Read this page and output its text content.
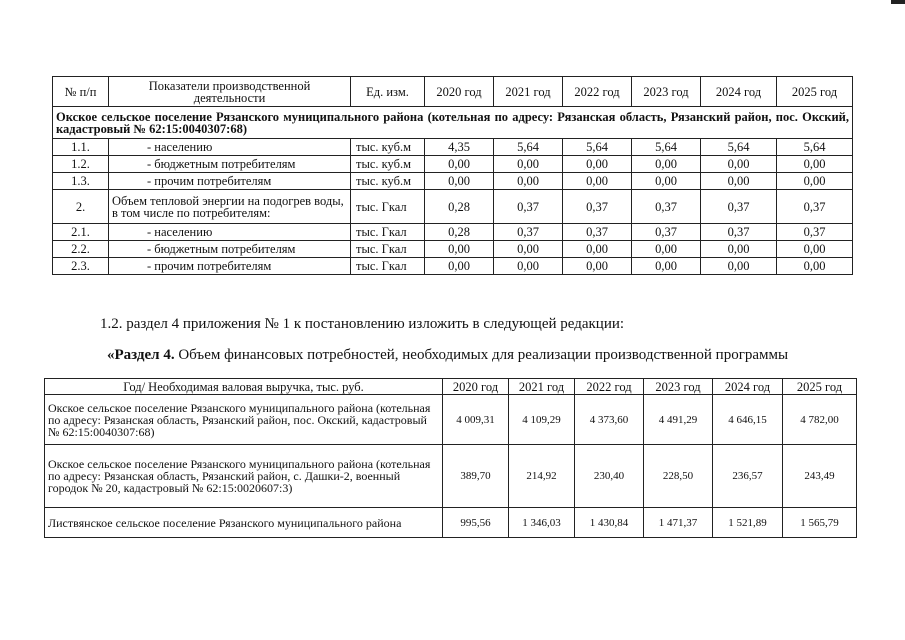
№ п/п	Показатели производственной деятельности	Ед. изм.	2020 год	2021 год	2022 год	2023 год	2024 год	2025 год
Окское сельское поселение Рязанского муниципального района (котельная по адресу: Рязанская область, Рязанский район, пос. Окский, кадастровый № 62:15:0040307:68)								
1.1.	- населению	тыс. куб.м	4,35	5,64	5,64	5,64	5,64	5,64
1.2.	- бюджетным потребителям	тыс. куб.м	0,00	0,00	0,00	0,00	0,00	0,00
1.3.	- прочим потребителям	тыс. куб.м	0,00	0,00	0,00	0,00	0,00	0,00
2.	Объем тепловой энергии на подогрев воды, в том числе по потребителям:	тыс. Гкал	0,28	0,37	0,37	0,37	0,37	0,37
2.1.	- населению	тыс. Гкал	0,28	0,37	0,37	0,37	0,37	0,37
2.2.	- бюджетным потребителям	тыс. Гкал	0,00	0,00	0,00	0,00	0,00	0,00
2.3.	- прочим потребителям	тыс. Гкал	0,00	0,00	0,00	0,00	0,00	0,00
1.2. раздел 4 приложения № 1 к постановлению изложить в следующей редакции:
«Раздел 4. Объем финансовых потребностей, необходимых для реализации производственной программы
Год/ Необходимая валовая выручка, тыс. руб.	2020 год	2021 год	2022 год	2023 год	2024 год	2025 год
Окское сельское поселение Рязанского муниципального района (котельная по адресу: Рязанская область, Рязанский район, пос. Окский, кадастровый № 62:15:0040307:68)	4 009,31	4 109,29	4 373,60	4 491,29	4 646,15	4 782,00
Окское сельское поселение Рязанского муниципального района (котельная по адресу: Рязанская область, Рязанский район, с. Дашки-2, военный городок № 20, кадастровый № 62:15:0020607:3)	389,70	214,92	230,40	228,50	236,57	243,49
Листвянское сельское поселение Рязанского муниципального района	995,56	1 346,03	1 430,84	1 471,37	1 521,89	1 565,79
